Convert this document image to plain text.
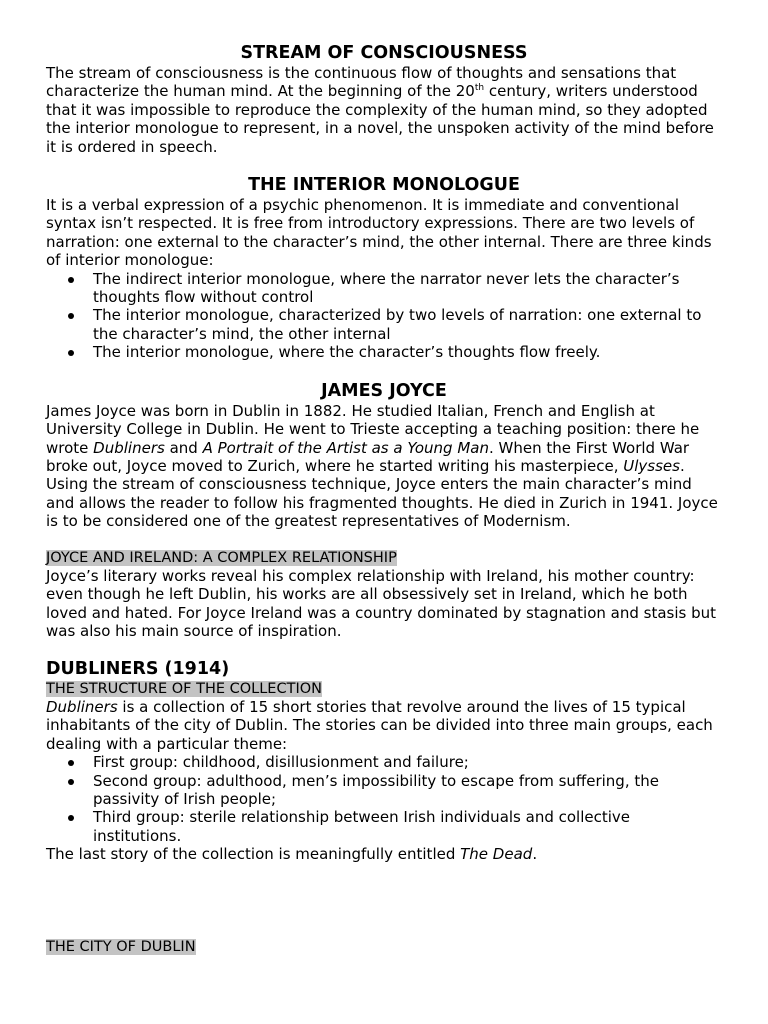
STREAM OF CONSCIOUSNESS

The stream of consciousness is the continuous flow of thoughts and sensations that characterize the human mind. At the beginning of the 20th century, writers understood that it was impossible to reproduce the complexity of the human mind, so they adopted the interior monologue to represent, in a novel, the unspoken activity of the mind before it is ordered in speech.

THE INTERIOR MONOLOGUE

It is a verbal expression of a psychic phenomenon. It is immediate and conventional syntax isn’t respected. It is free from introductory expressions. There are two levels of narration: one external to the character’s mind, the other internal. There are three kinds of interior monologue:

The indirect interior monologue, where the narrator never lets the character’s thoughts flow without control
The interior monologue, characterized by two levels of narration: one external to the character’s mind, the other internal
The interior monologue, where the character’s thoughts flow freely.
JAMES JOYCE

James Joyce was born in Dublin in 1882. He studied Italian, French and English at University College in Dublin. He went to Trieste accepting a teaching position: there he wrote Dubliners and A Portrait of the Artist as a Young Man. When the First World War broke out, Joyce moved to Zurich, where he started writing his masterpiece, Ulysses. Using the stream of consciousness technique, Joyce enters the main character’s mind and allows the reader to follow his fragmented thoughts. He died in Zurich in 1941. Joyce is to be considered one of the greatest representatives of Modernism.

JOYCE AND IRELAND: A COMPLEX RELATIONSHIP

Joyce’s literary works reveal his complex relationship with Ireland, his mother country: even though he left Dublin, his works are all obsessively set in Ireland, which he both loved and hated. For Joyce Ireland was a country dominated by stagnation and stasis but was also his main source of inspiration.

DUBLINERS (1914)

THE STRUCTURE OF THE COLLECTION

Dubliners is a collection of 15 short stories that revolve around the lives of 15 typical inhabitants of the city of Dublin. The stories can be divided into three main groups, each dealing with a particular theme:

First group: childhood, disillusionment and failure;
Second group: adulthood, men’s impossibility to escape from suffering, the passivity of Irish people;
Third group: sterile relationship between Irish individuals and collective institutions.

The last story of the collection is meaningfully entitled The Dead.

THE CITY OF DUBLIN
